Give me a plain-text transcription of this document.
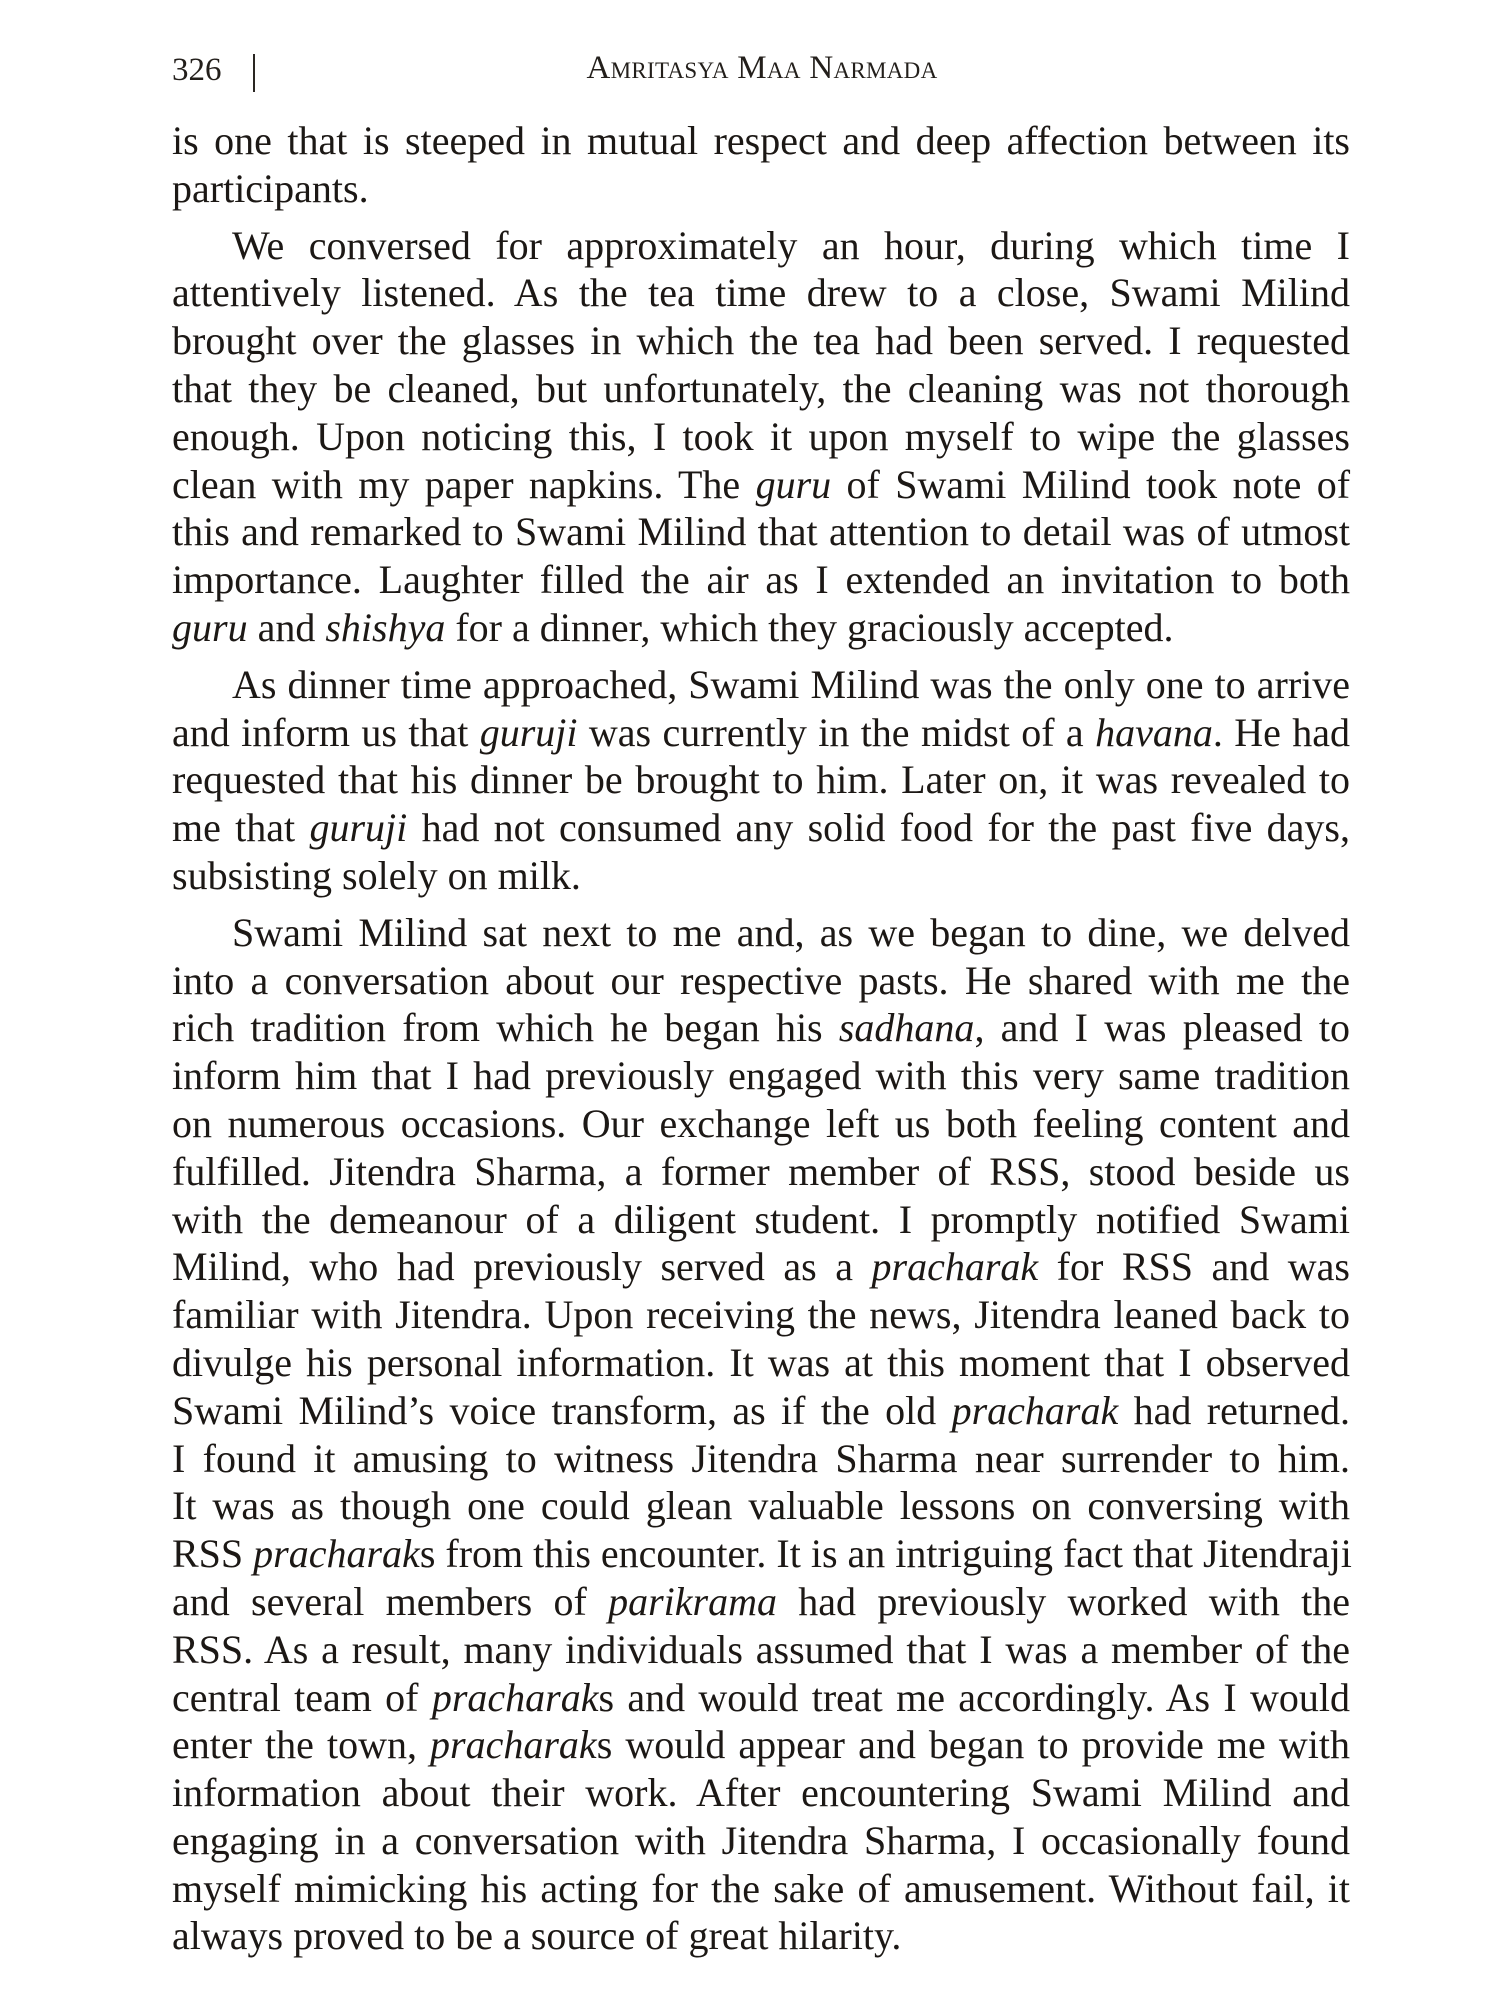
326	Amritasya Maa Narmada
is one that is steeped in mutual respect and deep affection between its
participants.
We conversed for approximately an hour, during which time I
attentively listened. As the tea time drew to a close, Swami Milind
brought over the glasses in which the tea had been served. I requested
that they be cleaned, but unfortunately, the cleaning was not thorough
enough. Upon noticing this, I took it upon myself to wipe the glasses
clean with my paper napkins. The guru of Swami Milind took note of
this and remarked to Swami Milind that attention to detail was of utmost
importance. Laughter filled the air as I extended an invitation to both
guru and shishya for a dinner, which they graciously accepted.
As dinner time approached, Swami Milind was the only one to arrive
and inform us that guruji was currently in the midst of a havana. He had
requested that his dinner be brought to him. Later on, it was revealed to
me that guruji had not consumed any solid food for the past five days,
subsisting solely on milk.
Swami Milind sat next to me and, as we began to dine, we delved
into a conversation about our respective pasts. He shared with me the
rich tradition from which he began his sadhana, and I was pleased to
inform him that I had previously engaged with this very same tradition
on numerous occasions. Our exchange left us both feeling content and
fulfilled. Jitendra Sharma, a former member of RSS, stood beside us
with the demeanour of a diligent student. I promptly notified Swami
Milind, who had previously served as a pracharak for RSS and was
familiar with Jitendra. Upon receiving the news, Jitendra leaned back to
divulge his personal information. It was at this moment that I observed
Swami Milind’s voice transform, as if the old pracharak had returned.
I found it amusing to witness Jitendra Sharma near surrender to him.
It was as though one could glean valuable lessons on conversing with
RSS pracharaks from this encounter. It is an intriguing fact that Jitendraji
and several members of parikrama had previously worked with the
RSS. As a result, many individuals assumed that I was a member of the
central team of pracharaks and would treat me accordingly. As I would
enter the town, pracharaks would appear and began to provide me with
information about their work. After encountering Swami Milind and
engaging in a conversation with Jitendra Sharma, I occasionally found
myself mimicking his acting for the sake of amusement. Without fail, it
always proved to be a source of great hilarity.
